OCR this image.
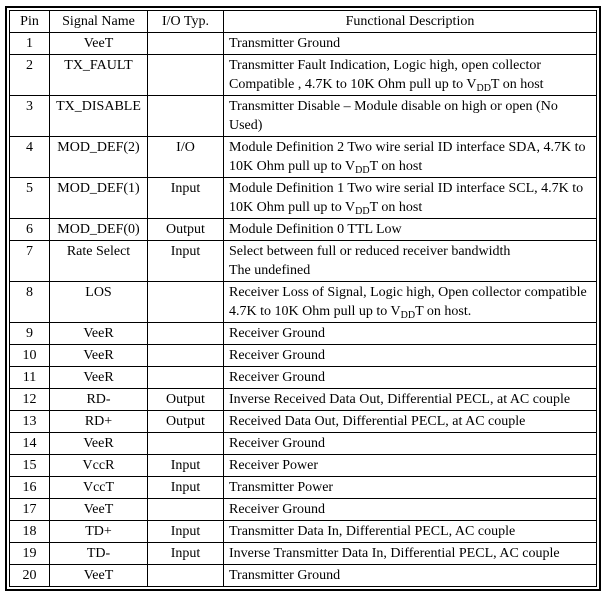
Pin	Signal Name	I/O Typ.	Functional Description
1	VeeT		Transmitter Ground

2	TX_FAULT		Transmitter Fault Indication, Logic high, open collector
Compatible , 4.7K to 10K Ohm pull up to $V_{DD}T$ on host

3	TX_DISABLE		Transmitter Disable – Module disable on high or open (No Used)

4	MOD_DEF(2)	I/O	Module Definition 2 Two wire serial ID interface SDA, 4.7K to
10K Ohm pull up to $V_{DD}T$ on host

5	MOD_DEF(1)	Input	Module Definition 1 Two wire serial ID interface SCL, 4.7K to
10K Ohm pull up to $V_{DD}T$ on host

6	MOD_DEF(0)	Output	Module Definition 0 TTL Low

7	Rate Select	Input	Select between full or reduced receiver bandwidth
The undefined

8	LOS		Receiver Loss of Signal, Logic high, Open collector compatible
4.7K to 10K Ohm pull up to $V_{DD}T$ on host.

9	VeeR		Receiver Ground

10	VeeR		Receiver Ground

11	VeeR		Receiver Ground

12	RD-	Output	Inverse Received Data Out, Differential PECL, at AC couple

13	RD+	Output	Received Data Out, Differential PECL, at AC couple

14	VeeR		Receiver Ground

15	VccR	Input	Receiver Power

16	VccT	Input	Transmitter Power

17	VeeT		Receiver Ground

18	TD+	Input	Transmitter Data In, Differential PECL, AC couple

19	TD-	Input	Inverse Transmitter Data In, Differential PECL, AC couple

20	VeeT		Transmitter Ground
